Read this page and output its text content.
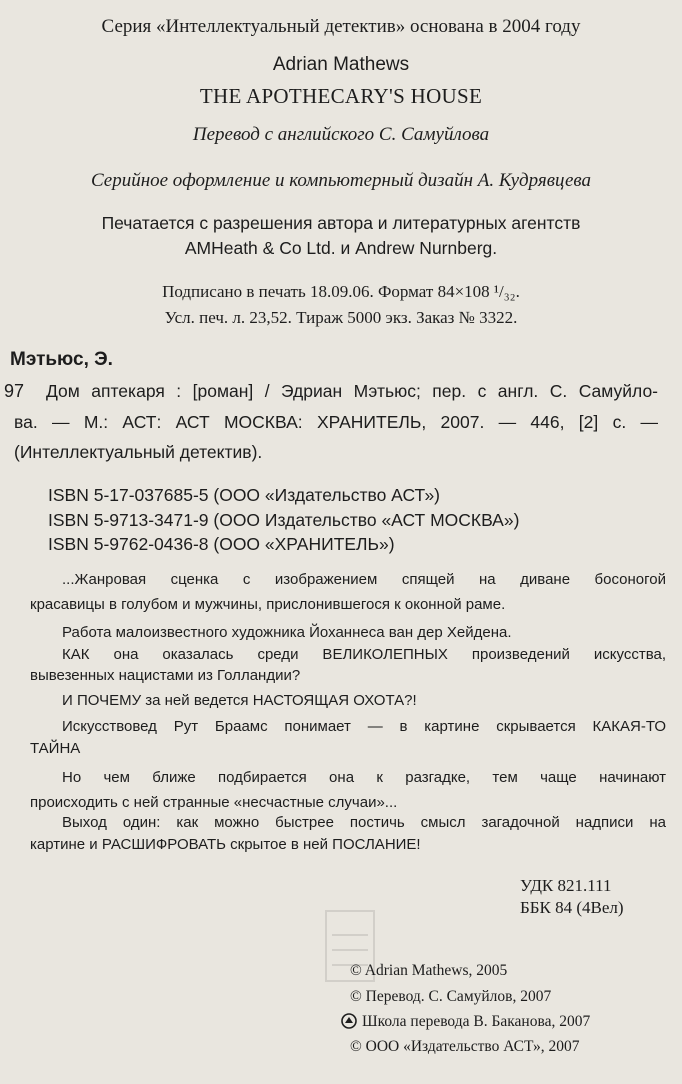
Серия «Интеллектуальный детектив» основана в 2004 году
Adrian Mathews
THE APOTHECARY'S HOUSE
Перевод с английского С. Самуйлова
Серийное оформление и компьютерный дизайн А. Кудрявцева
Печатается с разрешения автора и литературных агентств
AMHeath & Co Ltd. и Andrew Nurnberg.
Подписано в печать 18.09.06. Формат 84×108 ¹/₃₂.
Усл. печ. л. 23,52. Тираж 5000 экз. Заказ № 3322.
Мэтьюс, Э.
97 Дом аптекаря : [роман] / Эдриан Мэтьюс; пер. с англ. С. Самуйло-
ва. — М.: АСТ: АСТ МОСКВА: ХРАНИТЕЛЬ, 2007. — 446, [2] с. —
(Интеллектуальный детектив).
ISBN 5-17-037685-5 (ООО «Издательство АСТ»)
ISBN 5-9713-3471-9 (ООО Издательство «АСТ МОСКВА»)
ISBN 5-9762-0436-8 (ООО «ХРАНИТЕЛЬ»)
...Жанровая сценка с изображением спящей на диване босоногой
красавицы в голубом и мужчины, прислонившегося к оконной раме.
Работа малоизвестного художника Йоханнеса ван дер Хейдена.
КАК она оказалась среди ВЕЛИКОЛЕПНЫХ произведений искусства,
вывезенных нацистами из Голландии?
И ПОЧЕМУ за ней ведется НАСТОЯЩАЯ ОХОТА?!
Искусствовед Рут Браамс понимает — в картине скрывается КАКАЯ-ТО
ТАЙНА
Но чем ближе подбирается она к разгадке, тем чаще начинают
происходить с ней странные «несчастные случаи»...
Выход один: как можно быстрее постичь смысл загадочной надписи на
картине и РАСШИФРОВАТЬ скрытое в ней ПОСЛАНИЕ!
УДК 821.111
ББК 84 (4Вел)
© Adrian Mathews, 2005
© Перевод. С. Самуйлов, 2007
Школа перевода В. Баканова, 2007
© ООО «Издательство АСТ», 2007
